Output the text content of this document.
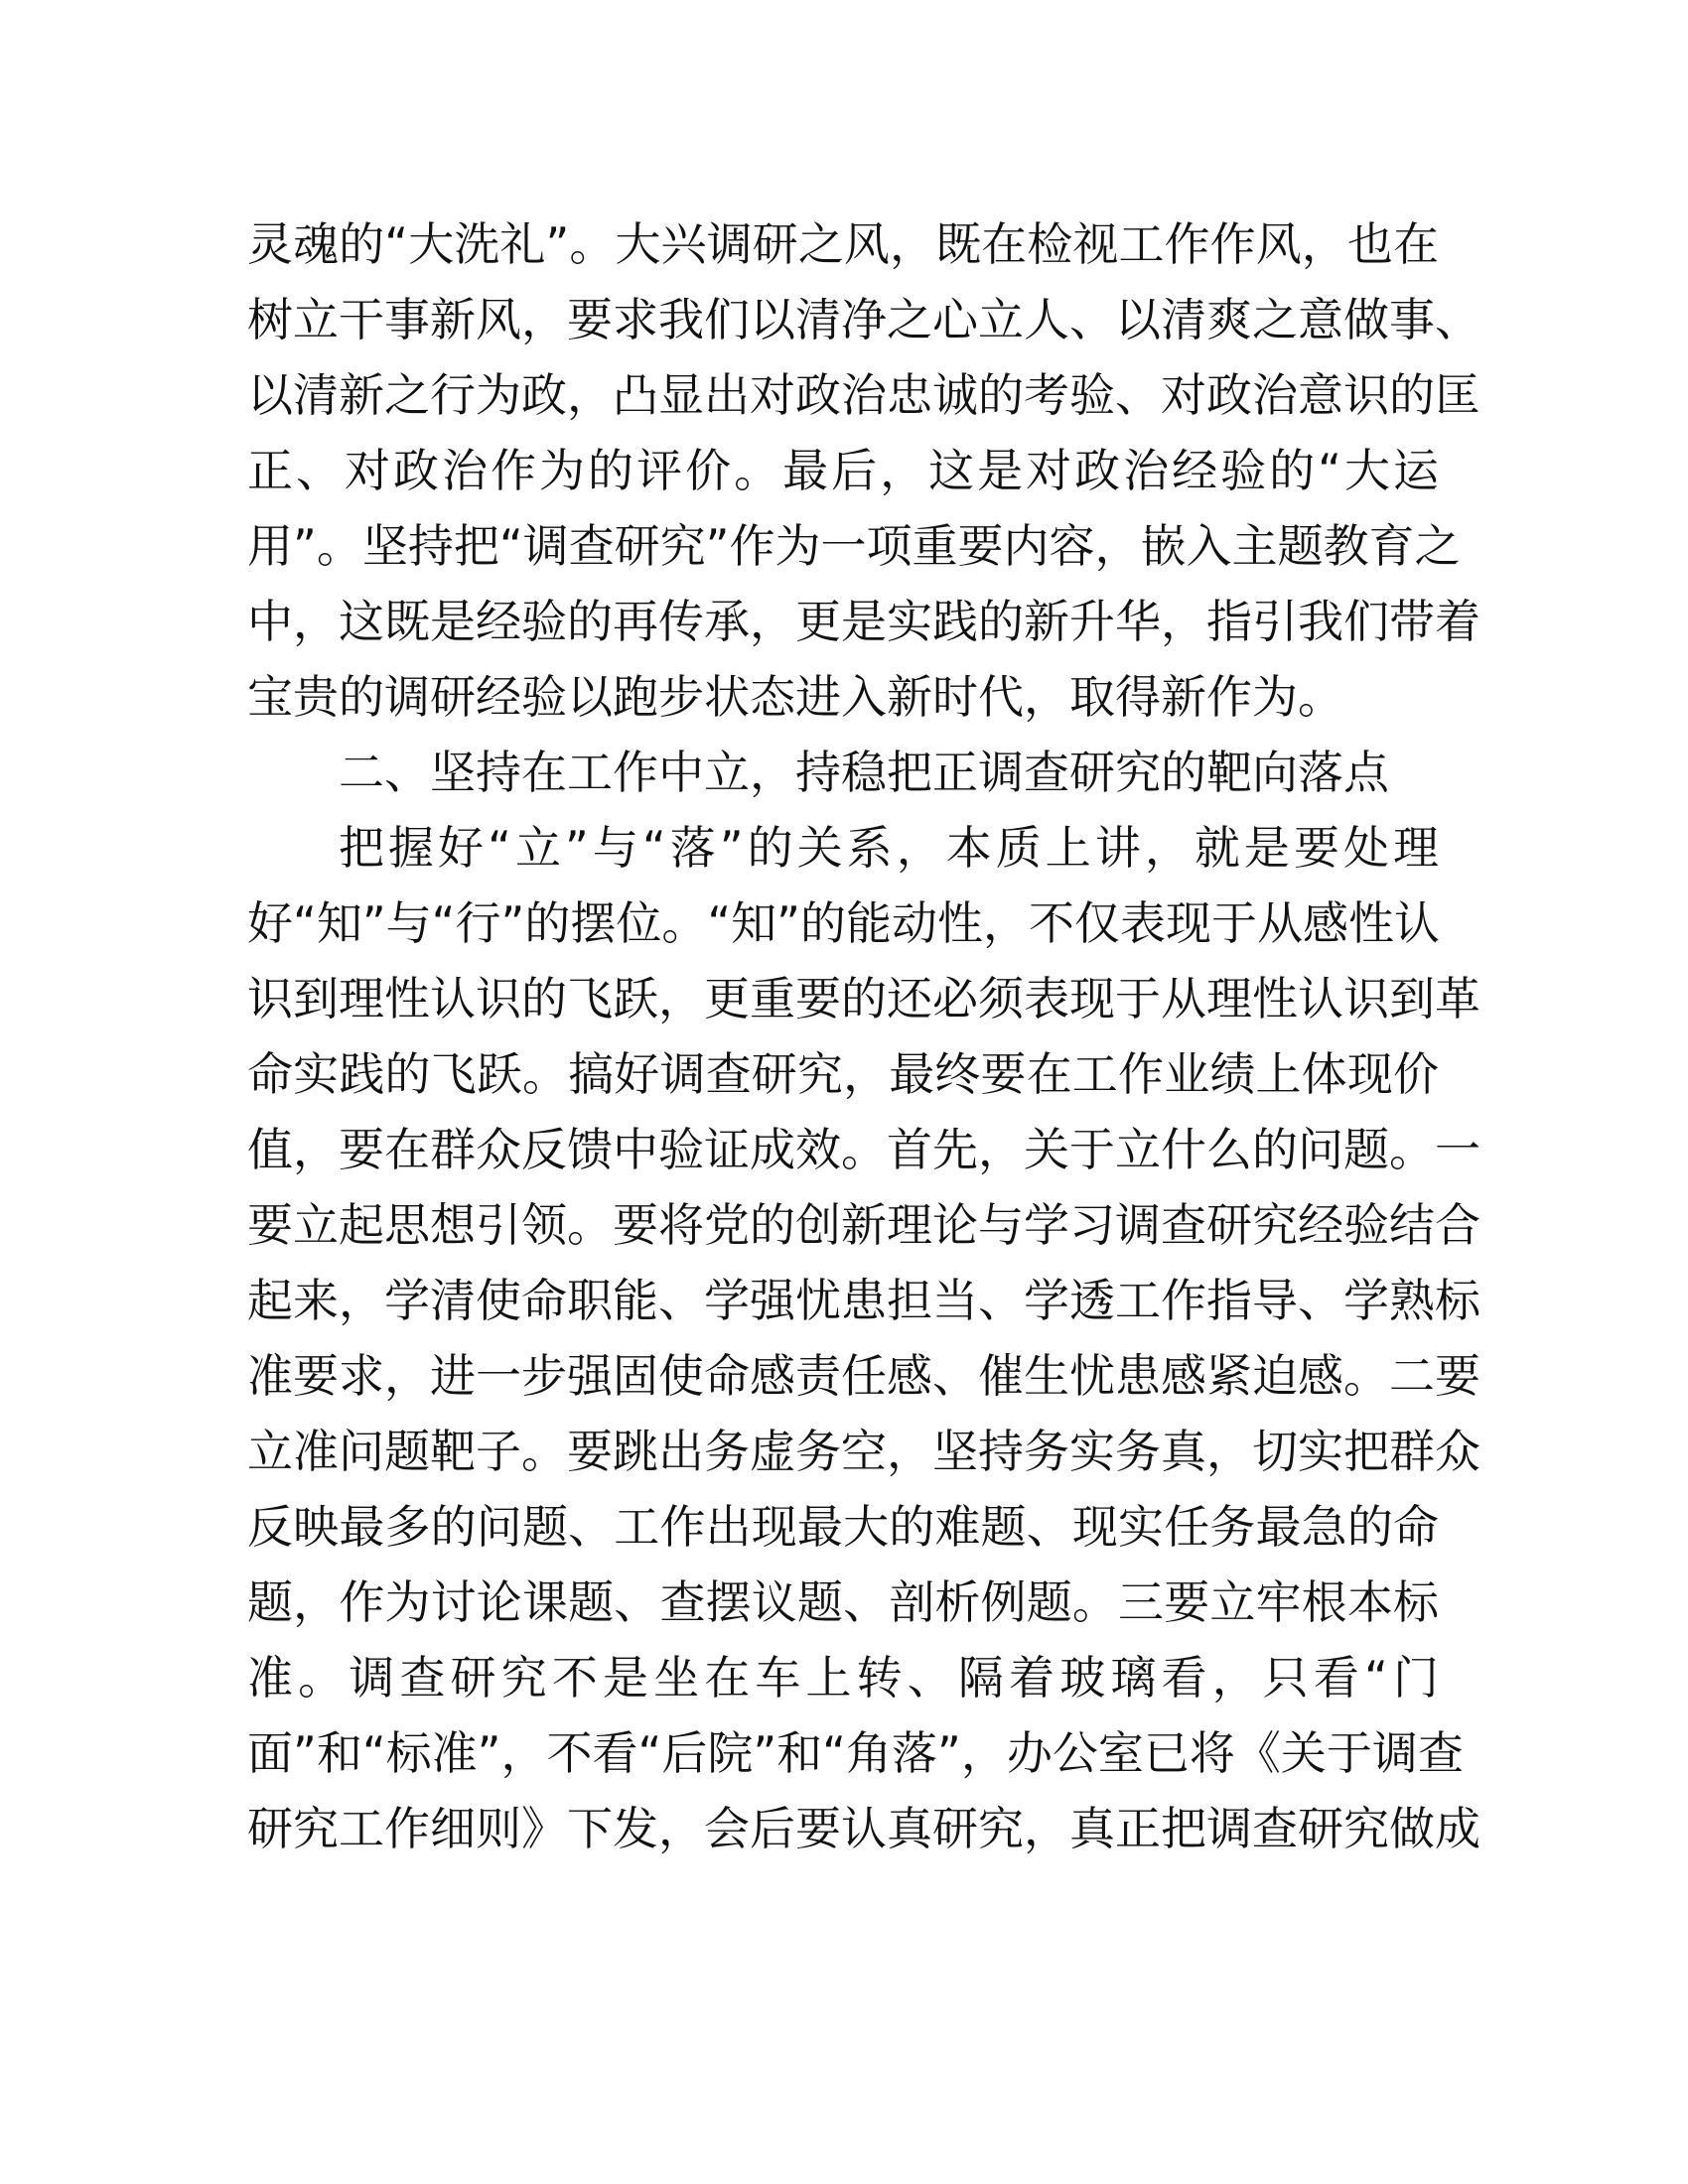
灵魂的“大洗礼”。大兴调研之风，既在检视工作作风，也在

树立干事新风，要求我们以清净之心立人、以清爽之意做事、

以清新之行为政，凸显出对政治忠诚的考验、对政治意识的匡

正、对政治作为的评价。最后，这是对政治经验的“大运

用”。坚持把“调查研究”作为一项重要内容，嵌入主题教育之

中，这既是经验的再传承，更是实践的新升华，指引我们带着

宝贵的调研经验以跑步状态进入新时代，取得新作为。

二、坚持在工作中立，持稳把正调查研究的靶向落点

把握好“立”与“落”的关系，本质上讲，就是要处理

好“知”与“行”的摆位。“知”的能动性，不仅表现于从感性认

识到理性认识的飞跃，更重要的还必须表现于从理性认识到革

命实践的飞跃。搞好调查研究，最终要在工作业绩上体现价

值，要在群众反馈中验证成效。首先，关于立什么的问题。一

要立起思想引领。要将党的创新理论与学习调查研究经验结合

起来，学清使命职能、学强忧患担当、学透工作指导、学熟标

准要求，进一步强固使命感责任感、催生忧患感紧迫感。二要

立准问题靶子。要跳出务虚务空，坚持务实务真，切实把群众

反映最多的问题、工作出现最大的难题、现实任务最急的命

题，作为讨论课题、查摆议题、剖析例题。三要立牢根本标

准。调查研究不是坐在车上转、隔着玻璃看，只看“门

面”和“标准”，不看“后院”和“角落”，办公室已将《关于调查

研究工作细则》下发，会后要认真研究，真正把调查研究做成
